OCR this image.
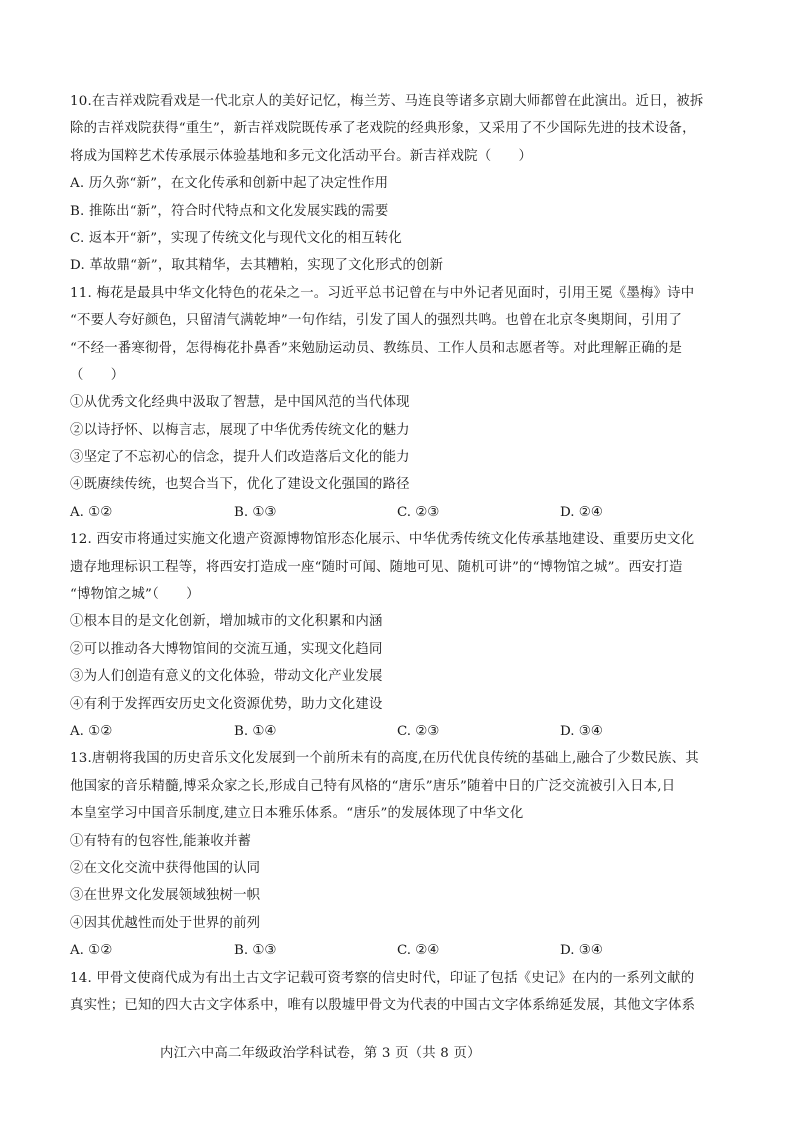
10.在吉祥戏院看戏是一代北京人的美好记忆，梅兰芳、马连良等诸多京剧大师都曾在此演出。近日，被拆
除的吉祥戏院获得“重生”，新吉祥戏院既传承了老戏院的经典形象，又采用了不少国际先进的技术设备，
将成为国粹艺术传承展示体验基地和多元文化活动平台。新吉祥戏院（　　）
A. 历久弥“新”，在文化传承和创新中起了决定性作用
B. 推陈出“新”，符合时代特点和文化发展实践的需要
C. 返本开“新”，实现了传统文化与现代文化的相互转化
D. 革故鼎“新”，取其精华，去其糟粕，实现了文化形式的创新
11. 梅花是最具中华文化特色的花朵之一。习近平总书记曾在与中外记者见面时，引用王冕《墨梅》诗中
“不要人夸好颜色，只留清气满乾坤”一句作结，引发了国人的强烈共鸣。也曾在北京冬奥期间，引用了
“不经一番寒彻骨，怎得梅花扑鼻香”来勉励运动员、教练员、工作人员和志愿者等。对此理解正确的是
（　　）
①从优秀文化经典中汲取了智慧，是中国风范的当代体现
②以诗抒怀、以梅言志，展现了中华优秀传统文化的魅力
③坚定了不忘初心的信念，提升人们改造落后文化的能力
④既赓续传统，也契合当下，优化了建设文化强国的路径
A. ①②	B. ①③	C. ②③	D. ②④
12. 西安市将通过实施文化遗产资源博物馆形态化展示、中华优秀传统文化传承基地建设、重要历史文化
遗存地理标识工程等，将西安打造成一座“随时可闻、随地可见、随机可讲”的“博物馆之城”。西安打造
“博物馆之城”（　　）
①根本目的是文化创新，增加城市的文化积累和内涵
②可以推动各大博物馆间的交流互通，实现文化趋同
③为人们创造有意义的文化体验，带动文化产业发展
④有利于发挥西安历史文化资源优势，助力文化建设
A. ①②	B. ①④	C. ②③	D. ③④
13.唐朝将我国的历史音乐文化发展到一个前所未有的高度,在历代优良传统的基础上,融合了少数民族、其
他国家的音乐精髓,博采众家之长,形成自己特有风格的“唐乐”唐乐”随着中日的广泛交流被引入日本,日
本皇室学习中国音乐制度,建立日本雅乐体系。“唐乐”的发展体现了中华文化
①有特有的包容性,能兼收并蓄
②在文化交流中获得他国的认同
③在世界文化发展领域独树一帜
④因其优越性而处于世界的前列
A. ①②	B. ①③	C. ②④	D. ③④
14. 甲骨文使商代成为有出土古文字记载可资考察的信史时代，印证了包括《史记》在内的一系列文献的
真实性；已知的四大古文字体系中，唯有以殷墟甲骨文为代表的中国古文字体系绵延发展，其他文字体系
内江六中高二年级政治学科试卷，第 3 页（共 8 页）
